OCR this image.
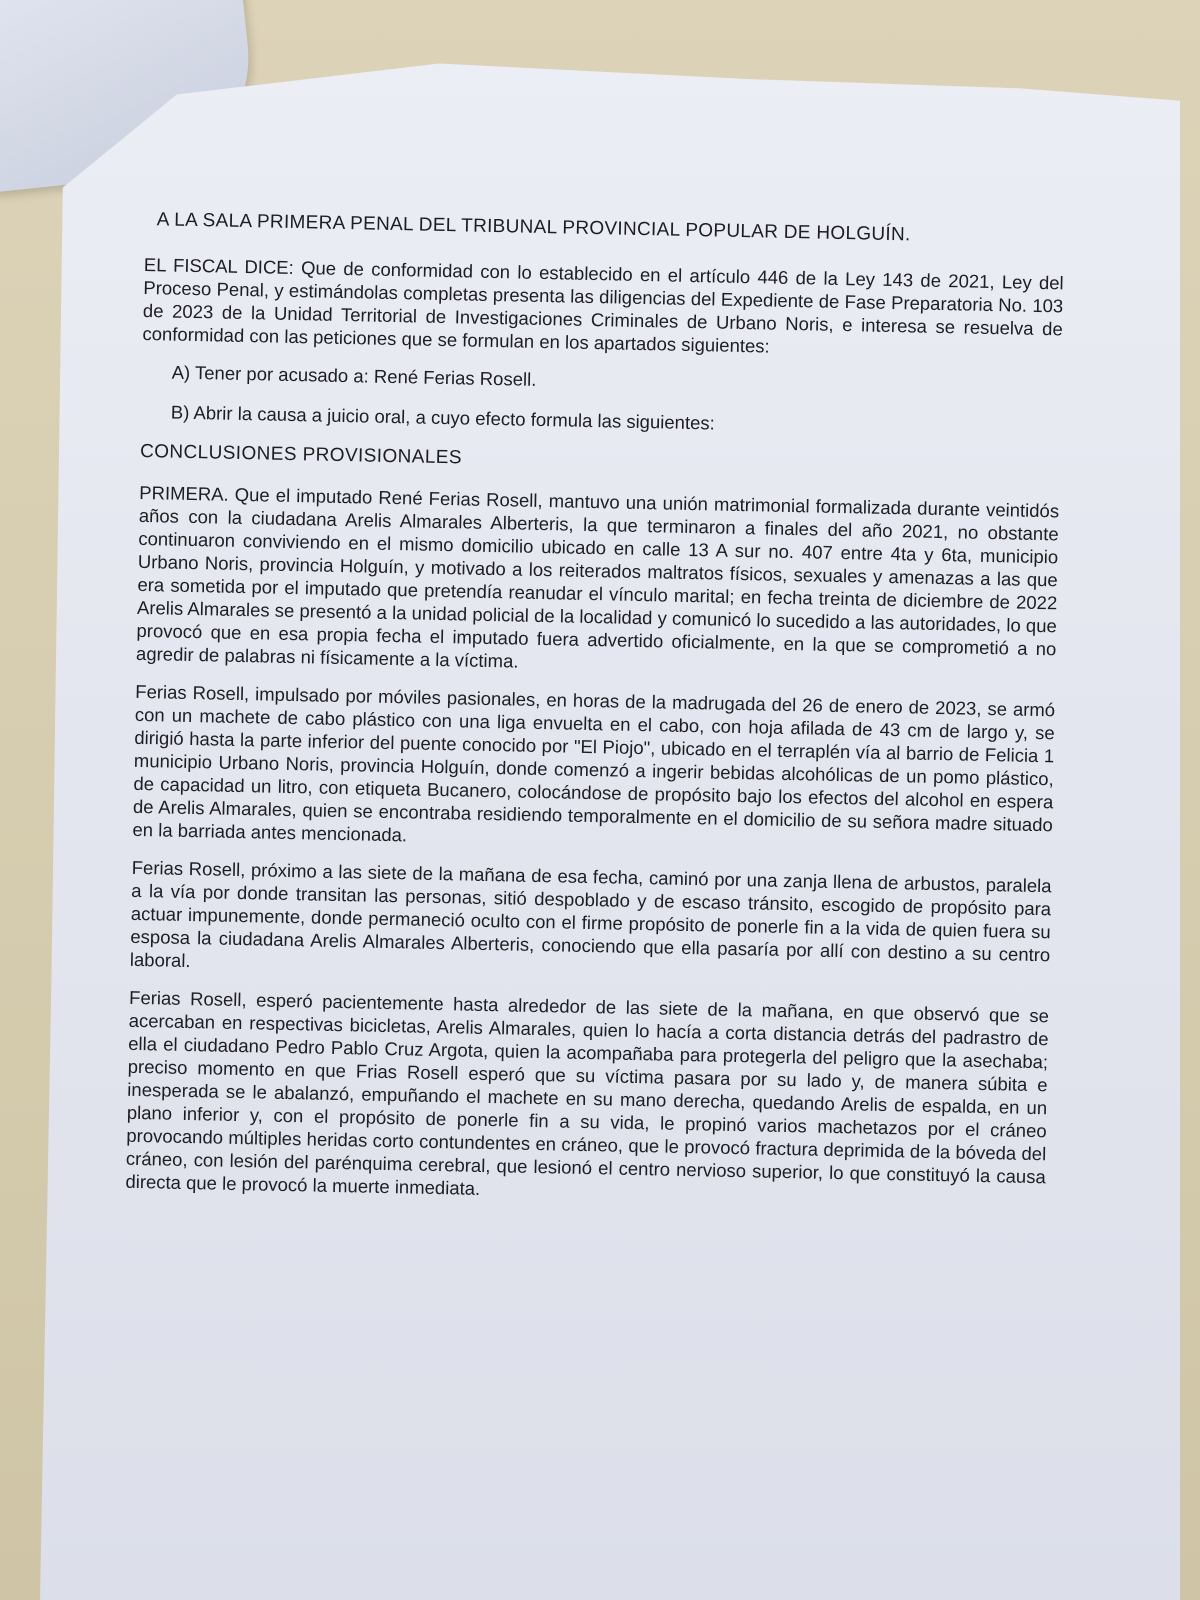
A LA SALA PRIMERA PENAL DEL TRIBUNAL PROVINCIAL POPULAR DE HOLGUÍN.
EL FISCAL DICE: Que de conformidad con lo establecido en el artículo 446 de la Ley 143 de 2021, Ley del Proceso Penal, y estimándolas completas presenta las diligencias del Expediente de Fase Preparatoria No. 103 de 2023 de la Unidad Territorial de Investigaciones Criminales de Urbano Noris, e interesa se resuelva de conformidad con las peticiones que se formulan en los apartados siguientes:
A) Tener por acusado a: René Ferias Rosell.
B) Abrir la causa a juicio oral, a cuyo efecto formula las siguientes:
CONCLUSIONES PROVISIONALES
PRIMERA. Que el imputado René Ferias Rosell, mantuvo una unión matrimonial formalizada durante veintidós años con la ciudadana Arelis Almarales Alberteris, la que terminaron a finales del año 2021, no obstante continuaron conviviendo en el mismo domicilio ubicado en calle 13 A sur no. 407 entre 4ta y 6ta, municipio Urbano Noris, provincia Holguín, y motivado a los reiterados maltratos físicos, sexuales y amenazas a las que era sometida por el imputado que pretendía reanudar el vínculo marital; en fecha treinta de diciembre de 2022 Arelis Almarales se presentó a la unidad policial de la localidad y comunicó lo sucedido a las autoridades, lo que provocó que en esa propia fecha el imputado fuera advertido oficialmente, en la que se comprometió a no agredir de palabras ni físicamente a la víctima.
Ferias Rosell, impulsado por móviles pasionales, en horas de la madrugada del 26 de enero de 2023, se armó con un machete de cabo plástico con una liga envuelta en el cabo, con hoja afilada de 43 cm de largo y, se dirigió hasta la parte inferior del puente conocido por "El Piojo", ubicado en el terraplén vía al barrio de Felicia 1 municipio Urbano Noris, provincia Holguín, donde comenzó a ingerir bebidas alcohólicas de un pomo plástico, de capacidad un litro, con etiqueta Bucanero, colocándose de propósito bajo los efectos del alcohol en espera de Arelis Almarales, quien se encontraba residiendo temporalmente en el domicilio de su señora madre situado en la barriada antes mencionada.
Ferias Rosell, próximo a las siete de la mañana de esa fecha, caminó por una zanja llena de arbustos, paralela a la vía por donde transitan las personas, sitió despoblado y de escaso tránsito, escogido de propósito para actuar impunemente, donde permaneció oculto con el firme propósito de ponerle fin a la vida de quien fuera su esposa la ciudadana Arelis Almarales Alberteris, conociendo que ella pasaría por allí con destino a su centro laboral.
Ferias Rosell, esperó pacientemente hasta alrededor de las siete de la mañana, en que observó que se acercaban en respectivas bicicletas, Arelis Almarales, quien lo hacía a corta distancia detrás del padrastro de ella el ciudadano Pedro Pablo Cruz Argota, quien la acompañaba para protegerla del peligro que la asechaba; preciso momento en que Frias Rosell esperó que su víctima pasara por su lado y, de manera súbita e inesperada se le abalanzó, empuñando el machete en su mano derecha, quedando Arelis de espalda, en un plano inferior y, con el propósito de ponerle fin a su vida, le propinó varios machetazos por el cráneo provocando múltiples heridas corto contundentes en cráneo, que le provocó fractura deprimida de la bóveda del cráneo, con lesión del parénquima cerebral, que lesionó el centro nervioso superior, lo que constituyó la causa directa que le provocó la muerte inmediata.
